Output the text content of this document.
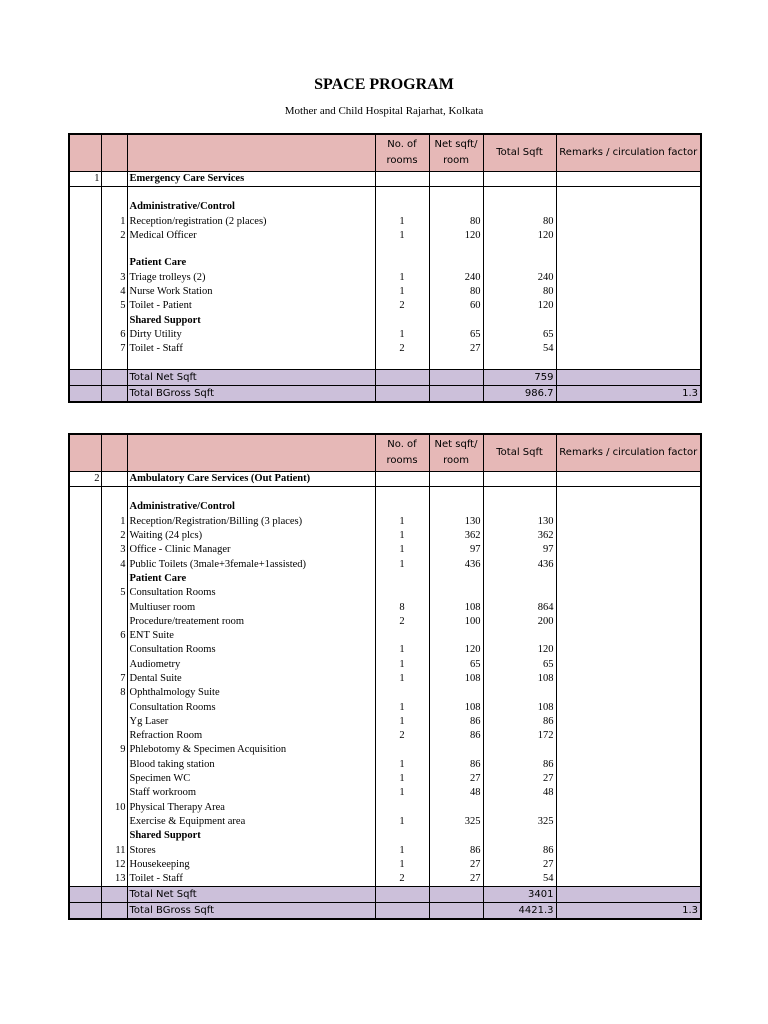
SPACE PROGRAM
Mother and Child Hospital Rajarhat, Kolkata
			No. of rooms	Net sqft/ room	Total Sqft	Remarks / circulation factor
1		Emergency Care Services				

		Administrative/Control				
	1	Reception/registration (2 places)	1	80	80	
	2	Medical Officer	1	120	120	

		Patient Care				
	3	Triage trolleys (2)	1	240	240	
	4	Nurse Work Station	1	80	80	
	5	Toilet - Patient	2	60	120	
		Shared Support				
	6	Dirty Utility	1	65	65	
	7	Toilet - Staff	2	27	54	

		Total Net Sqft			759	
		Total BGross Sqft			986.7	1.3
			No. of rooms	Net sqft/ room	Total Sqft	Remarks / circulation factor
2		Ambulatory Care Services (Out Patient)				

		Administrative/Control				
	1	Reception/Registration/Billing (3 places)	1	130	130	
	2	Waiting (24 plcs)	1	362	362	
	3	Office - Clinic Manager	1	97	97	
	4	Public Toilets (3male+3female+1assisted)	1	436	436	
		Patient Care				
	5	Consultation Rooms				
		Multiuser room	8	108	864	
		Procedure/treatement room	2	100	200	
	6	ENT Suite				
		Consultation Rooms	1	120	120	
		Audiometry	1	65	65	
	7	Dental Suite	1	108	108	
	8	Ophthalmology Suite				
		Consultation Rooms	1	108	108	
		Yg Laser	1	86	86	
		Refraction Room	2	86	172	
	9	Phlebotomy & Specimen Acquisition				
		Blood taking station	1	86	86	
		Specimen WC	1	27	27	
		Staff workroom	1	48	48	
	10	Physical Therapy Area				
		Exercise & Equipment area	1	325	325	
		Shared Support				
	11	Stores	1	86	86	
	12	Housekeeping	1	27	27	
	13	Toilet - Staff	2	27	54	
		Total Net Sqft			3401	
		Total BGross Sqft			4421.3	1.3
